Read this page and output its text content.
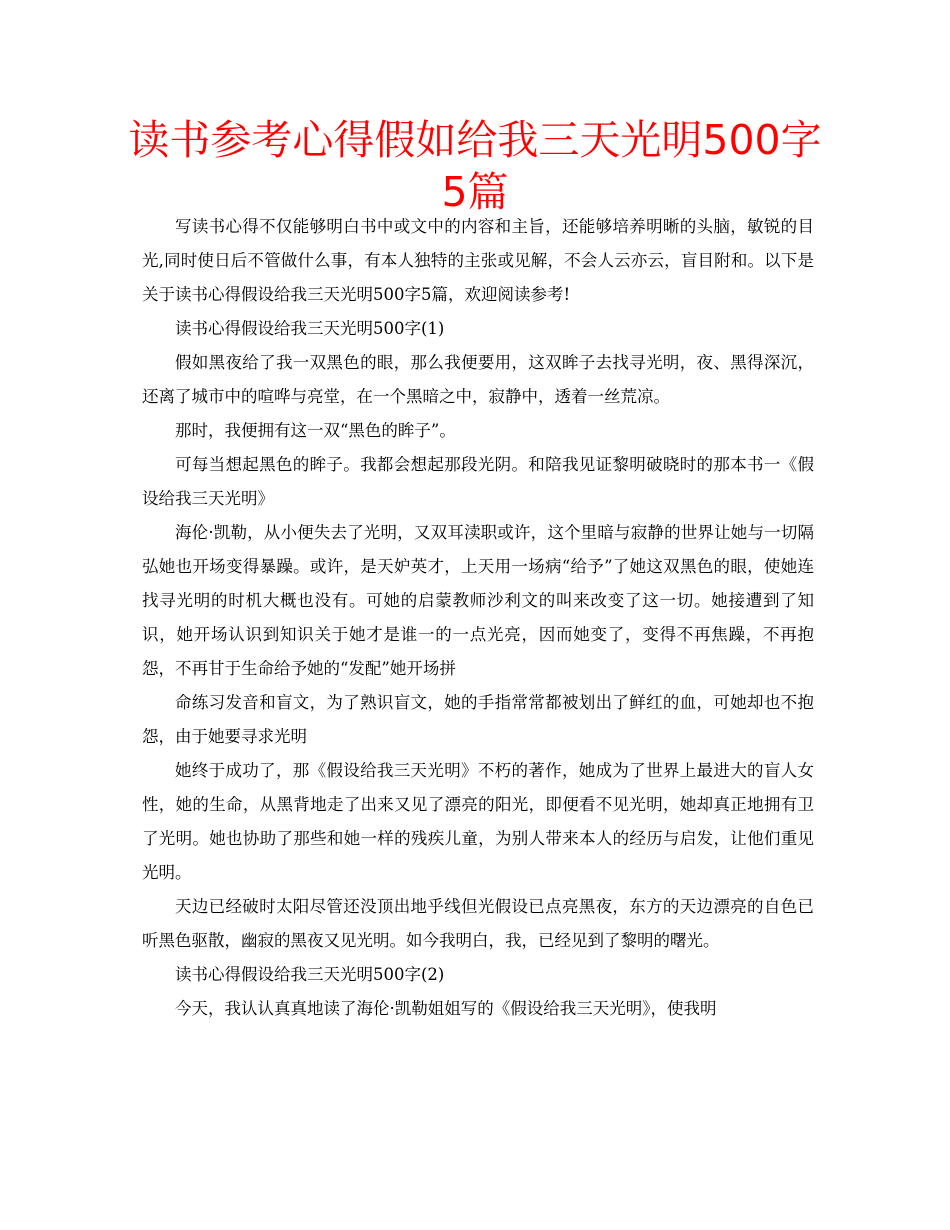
读书参考心得假如给我三天光明500字5篇

写读书心得不仅能够明白书中或文中的内容和主旨，还能够培养明晰的头脑，敏锐的目光,同时使日后不管做什么事，有本人独特的主张或见解，不会人云亦云，盲目附和。以下是关于读书心得假设给我三天光明500字5篇，欢迎阅读参考!

读书心得假设给我三天光明500字(1)

假如黑夜给了我一双黑色的眼，那么我便要用，这双眸子去找寻光明，夜、黑得深沉，还离了城市中的喧哗与亮堂，在一个黑暗之中，寂静中，透着一丝荒凉。

那时，我便拥有这一双“黑色的眸子”。

可每当想起黑色的眸子。我都会想起那段光阴。和陪我见证黎明破晓时的那本书一《假设给我三天光明》

海伦·凯勒，从小便失去了光明，又双耳渎职或许，这个里暗与寂静的世界让她与一切隔弘她也开场变得暴躁。或许，是天妒英才，上天用一场病“给予”了她这双黑色的眼，使她连找寻光明的时机大概也没有。可她的启蒙教师沙利文的叫来改变了这一切。她接遭到了知识，她开场认识到知识关于她才是谁一的一点光亮，因而她变了，变得不再焦躁，不再抱怨，不再甘于生命给予她的“发配”她开场拼

命练习发音和盲文，为了熟识盲文，她的手指常常都被划出了鲜红的血，可她却也不抱怨，由于她要寻求光明

她终于成功了，那《假设给我三天光明》不朽的著作，她成为了世界上最进大的盲人女性，她的生命，从黑背地走了出来又见了漂亮的阳光，即便看不见光明，她却真正地拥有卫了光明。她也协助了那些和她一样的残疾儿童，为别人带来本人的经历与启发，让他们重见光明。

天边已经破时太阳尽管还没顶出地乎线但光假设已点亮黑夜，东方的天边漂亮的自色已听黑色驱散，幽寂的黑夜又见光明。如今我明白，我，已经见到了黎明的曙光。

读书心得假设给我三天光明500字(2)

今天，我认认真真地读了海伦·凯勒姐姐写的《假设给我三天光明》，使我明
